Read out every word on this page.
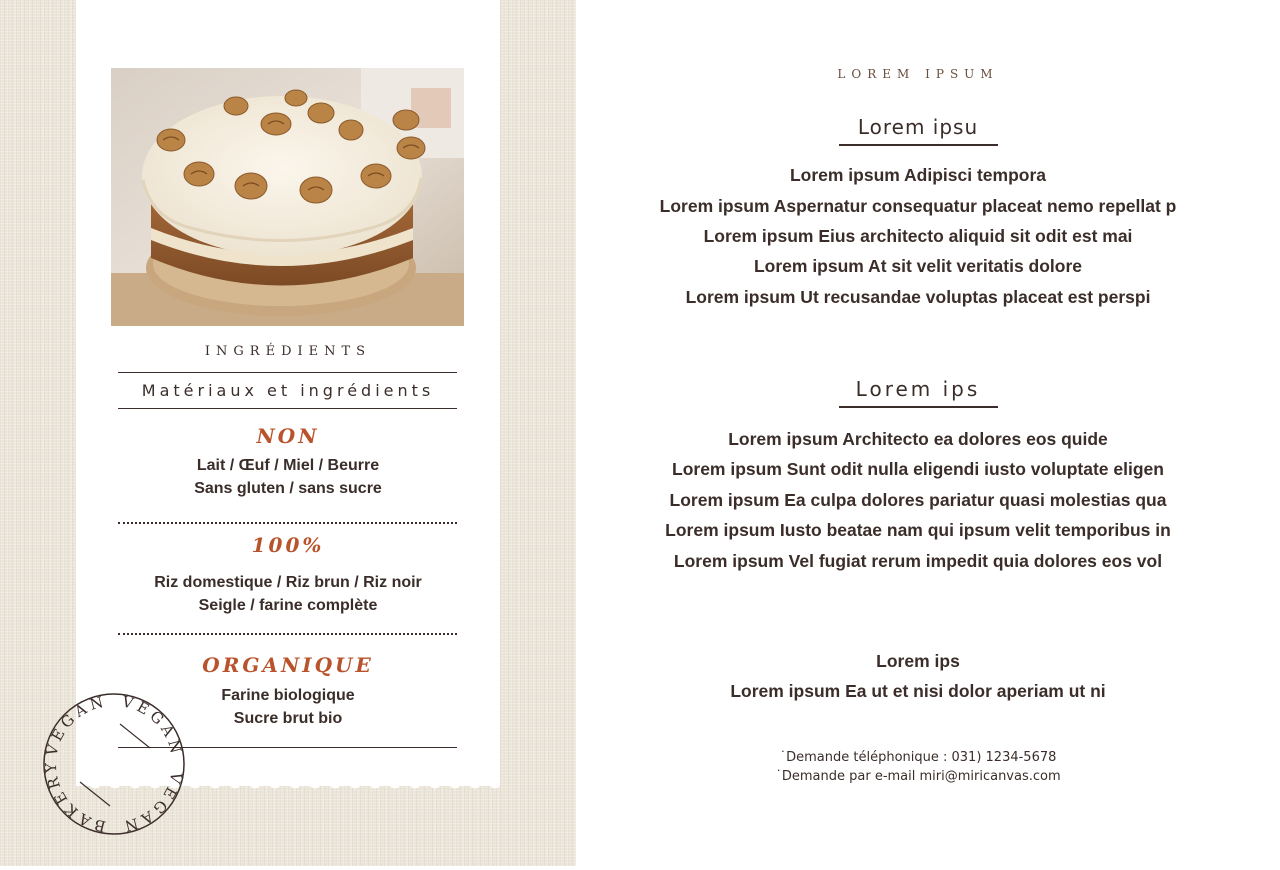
INGRÉDIENTS
Matériaux et ingrédients
NON
Lait / Œuf / Miel / Beurre
Sans gluten / sans sucre
100%
Riz domestique / Riz brun / Riz noir
Seigle / farine complète
ORGANIQUE
Farine biologique
Sucre brut bio
VEGAN VEGAN
VEGAN
BAKERY
LOREM IPSUM
Lorem ipsu
Lorem ipsum Adipisci tempora
Lorem ipsum Aspernatur consequatur placeat nemo repellat p
Lorem ipsum Eius architecto aliquid sit odit est mai
Lorem ipsum At sit velit veritatis dolore
Lorem ipsum Ut recusandae voluptas placeat est perspi
Lorem ips
Lorem ipsum Architecto ea dolores eos quide
Lorem ipsum Sunt odit nulla eligendi iusto voluptate eligen
Lorem ipsum Ea culpa dolores pariatur quasi molestias qua
Lorem ipsum Iusto beatae nam qui ipsum velit temporibus in
Lorem ipsum Vel fugiat rerum impedit quia dolores eos vol
Lorem ips
Lorem ipsum Ea ut et nisi dolor aperiam ut ni
˙Demande téléphonique : 031) 1234-5678
˙Demande par e-mail miri@miricanvas.com
